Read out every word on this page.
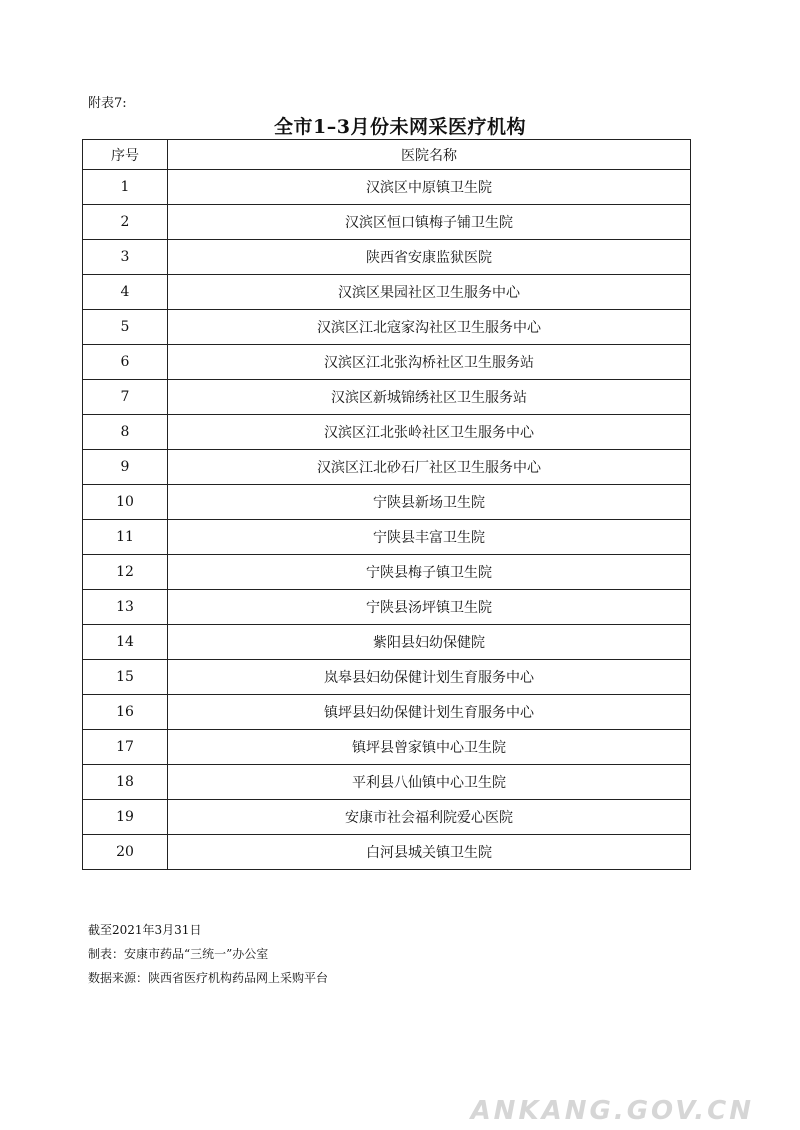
附表7:
全市1–3月份未网采医疗机构
序号	医院名称
1	汉滨区中原镇卫生院
2	汉滨区恒口镇梅子铺卫生院
3	陕西省安康监狱医院
4	汉滨区果园社区卫生服务中心
5	汉滨区江北寇家沟社区卫生服务中心
6	汉滨区江北张沟桥社区卫生服务站
7	汉滨区新城锦绣社区卫生服务站
8	汉滨区江北张岭社区卫生服务中心
9	汉滨区江北砂石厂社区卫生服务中心
10	宁陕县新场卫生院
11	宁陕县丰富卫生院
12	宁陕县梅子镇卫生院
13	宁陕县汤坪镇卫生院
14	紫阳县妇幼保健院
15	岚皋县妇幼保健计划生育服务中心
16	镇坪县妇幼保健计划生育服务中心
17	镇坪县曾家镇中心卫生院
18	平利县八仙镇中心卫生院
19	安康市社会福利院爱心医院
20	白河县城关镇卫生院
截至2021年3月31日
制表：安康市药品“三统一”办公室
数据来源：陕西省医疗机构药品网上采购平台
ANKANG.GOV.CN
